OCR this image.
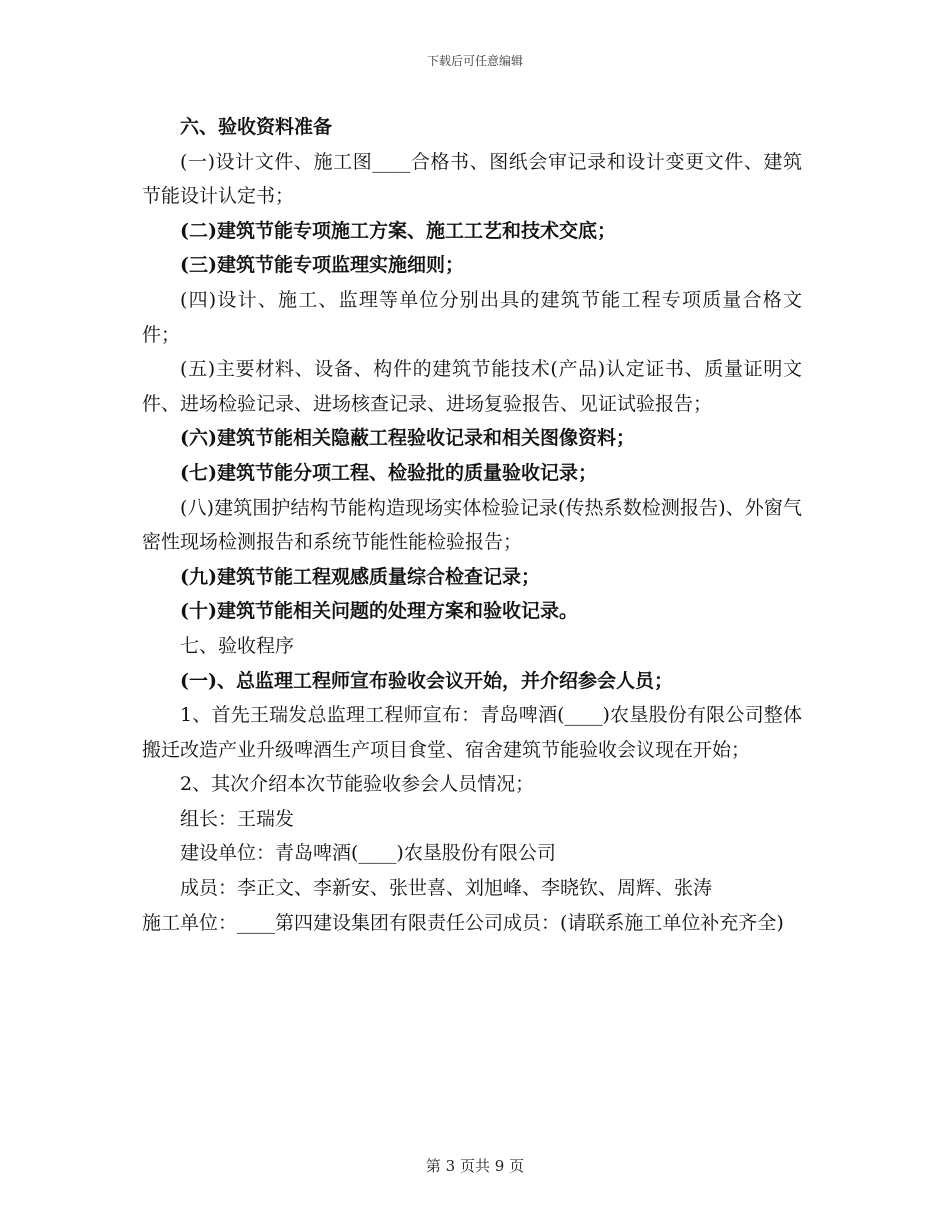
下载后可任意编辑

六、验收资料准备

(一)设计文件、施工图____合格书、图纸会审记录和设计变更文件、建筑节能设计认定书；

(二)建筑节能专项施工方案、施工工艺和技术交底；

(三)建筑节能专项监理实施细则；

(四)设计、施工、监理等单位分别出具的建筑节能工程专项质量合格文件；

(五)主要材料、设备、构件的建筑节能技术(产品)认定证书、质量证明文件、进场检验记录、进场核查记录、进场复验报告、见证试验报告；

(六)建筑节能相关隐蔽工程验收记录和相关图像资料；

(七)建筑节能分项工程、检验批的质量验收记录；

(八)建筑围护结构节能构造现场实体检验记录(传热系数检测报告)、外窗气密性现场检测报告和系统节能性能检验报告；

(九)建筑节能工程观感质量综合检查记录；

(十)建筑节能相关问题的处理方案和验收记录。

七、验收程序

(一)、总监理工程师宣布验收会议开始，并介绍参会人员；

1、首先王瑞发总监理工程师宣布：青岛啤酒(____)农垦股份有限公司整体搬迁改造产业升级啤酒生产项目食堂、宿舍建筑节能验收会议现在开始；

2、其次介绍本次节能验收参会人员情况；

组长：王瑞发

建设单位：青岛啤酒(____)农垦股份有限公司

成员：李正文、李新安、张世喜、刘旭峰、李晓钦、周辉、张涛

施工单位：____第四建设集团有限责任公司成员：(请联系施工单位补充齐全)

第 3 页共 9 页
